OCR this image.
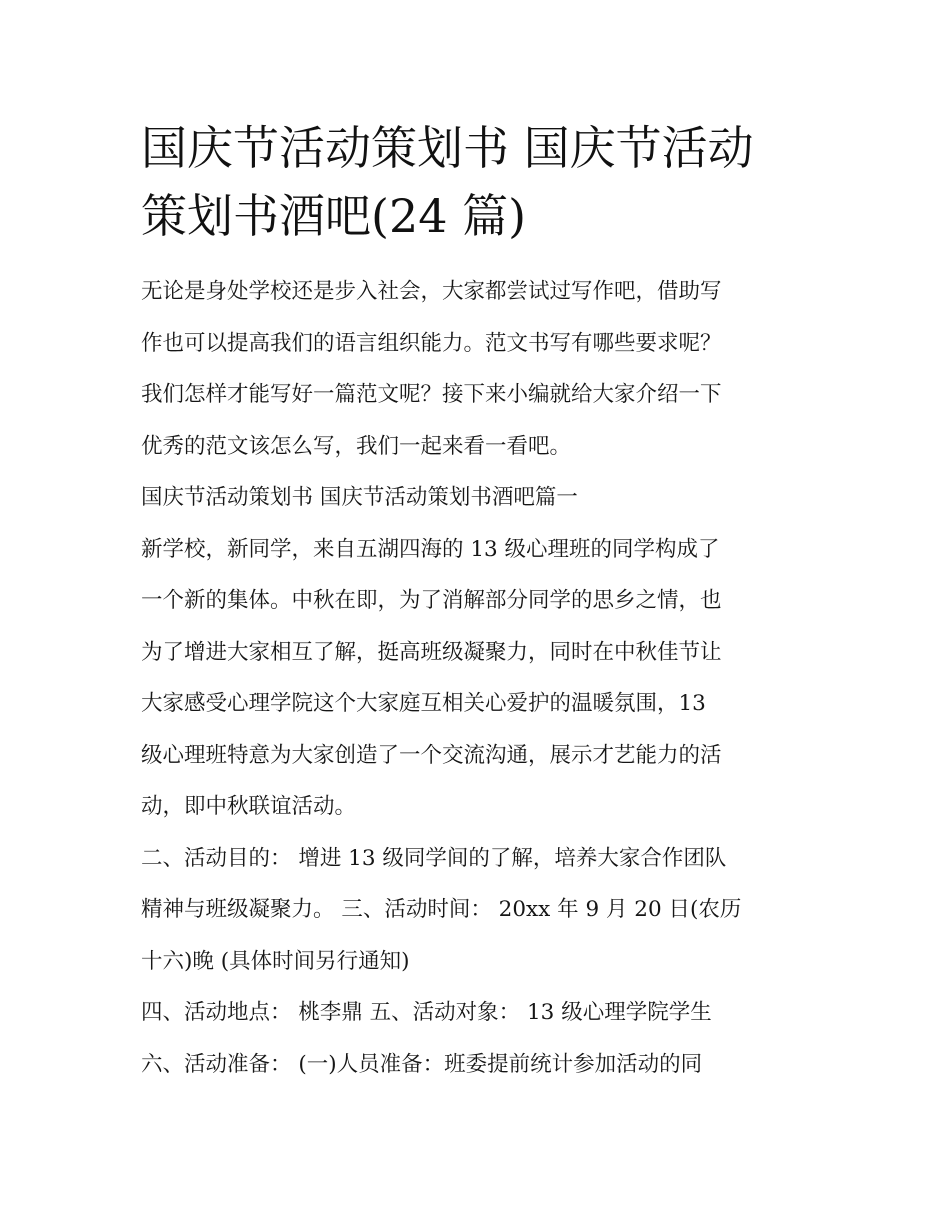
国庆节活动策划书 国庆节活动
策划书酒吧(24 篇)
无论是身处学校还是步入社会，大家都尝试过写作吧，借助写
作也可以提高我们的语言组织能力。范文书写有哪些要求呢？
我们怎样才能写好一篇范文呢？接下来小编就给大家介绍一下
优秀的范文该怎么写，我们一起来看一看吧。
国庆节活动策划书 国庆节活动策划书酒吧篇一
新学校，新同学，来自五湖四海的 13 级心理班的同学构成了
一个新的集体。中秋在即，为了消解部分同学的思乡之情，也
为了增进大家相互了解，挺高班级凝聚力，同时在中秋佳节让
大家感受心理学院这个大家庭互相关心爱护的温暖氛围，13
级心理班特意为大家创造了一个交流沟通，展示才艺能力的活
动，即中秋联谊活动。
二、活动目的： 增进 13 级同学间的了解，培养大家合作团队
精神与班级凝聚力。 三、活动时间： 20xx 年 9 月 20 日(农历
十六)晚 (具体时间另行通知)
四、活动地点： 桃李鼎 五、活动对象： 13 级心理学院学生
六、活动准备： (一)人员准备：班委提前统计参加活动的同
